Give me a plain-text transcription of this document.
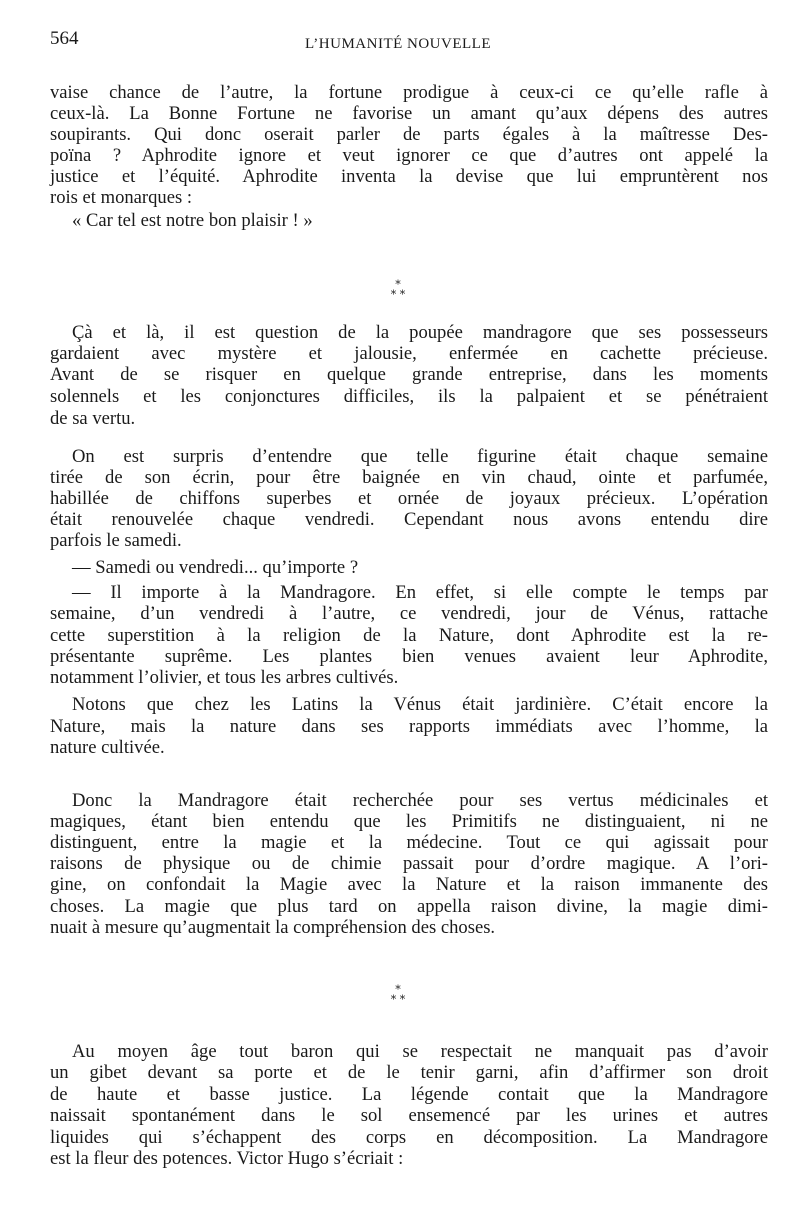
564	L’HUMANITÉ NOUVELLE
vaise chance de l’autre, la fortune prodigue à ceux-ci ce qu’elle rafle à
ceux-là. La Bonne Fortune ne favorise un amant qu’aux dépens des autres
soupirants. Qui donc oserait parler de parts égales à la maîtresse Des-
poïna ? Aphrodite ignore et veut ignorer ce que d’autres ont appelé la
justice et l’équité. Aphrodite inventa la devise que lui empruntèrent nos
rois et monarques :
« Car tel est notre bon plaisir ! »
*
* *
Çà et là, il est question de la poupée mandragore que ses possesseurs
gardaient avec mystère et jalousie, enfermée en cachette précieuse.
Avant de se risquer en quelque grande entreprise, dans les moments
solennels et les conjonctures difficiles, ils la palpaient et se pénétraient
de sa vertu.
On est surpris d’entendre que telle figurine était chaque semaine
tirée de son écrin, pour être baignée en vin chaud, ointe et parfumée,
habillée de chiffons superbes et ornée de joyaux précieux. L’opération
était renouvelée chaque vendredi. Cependant nous avons entendu dire
parfois le samedi.
— Samedi ou vendredi... qu’importe ?
— Il importe à la Mandragore. En effet, si elle compte le temps par
semaine, d’un vendredi à l’autre, ce vendredi, jour de Vénus, rattache
cette superstition à la religion de la Nature, dont Aphrodite est la re-
présentante suprême. Les plantes bien venues avaient leur Aphrodite,
notamment l’olivier, et tous les arbres cultivés.
Notons que chez les Latins la Vénus était jardinière. C’était encore la
Nature, mais la nature dans ses rapports immédiats avec l’homme, la
nature cultivée.
Donc la Mandragore était recherchée pour ses vertus médicinales et
magiques, étant bien entendu que les Primitifs ne distinguaient, ni ne
distinguent, entre la magie et la médecine. Tout ce qui agissait pour
raisons de physique ou de chimie passait pour d’ordre magique. A l’ori-
gine, on confondait la Magie avec la Nature et la raison immanente des
choses. La magie que plus tard on appella raison divine, la magie dimi-
nuait à mesure qu’augmentait la compréhension des choses.
*
* *
Au moyen âge tout baron qui se respectait ne manquait pas d’avoir
un gibet devant sa porte et de le tenir garni, afin d’affirmer son droit
de haute et basse justice. La légende contait que la Mandragore
naissait spontanément dans le sol ensemencé par les urines et autres
liquides qui s’échappent des corps en décomposition. La Mandragore
est la fleur des potences. Victor Hugo s’écriait :
